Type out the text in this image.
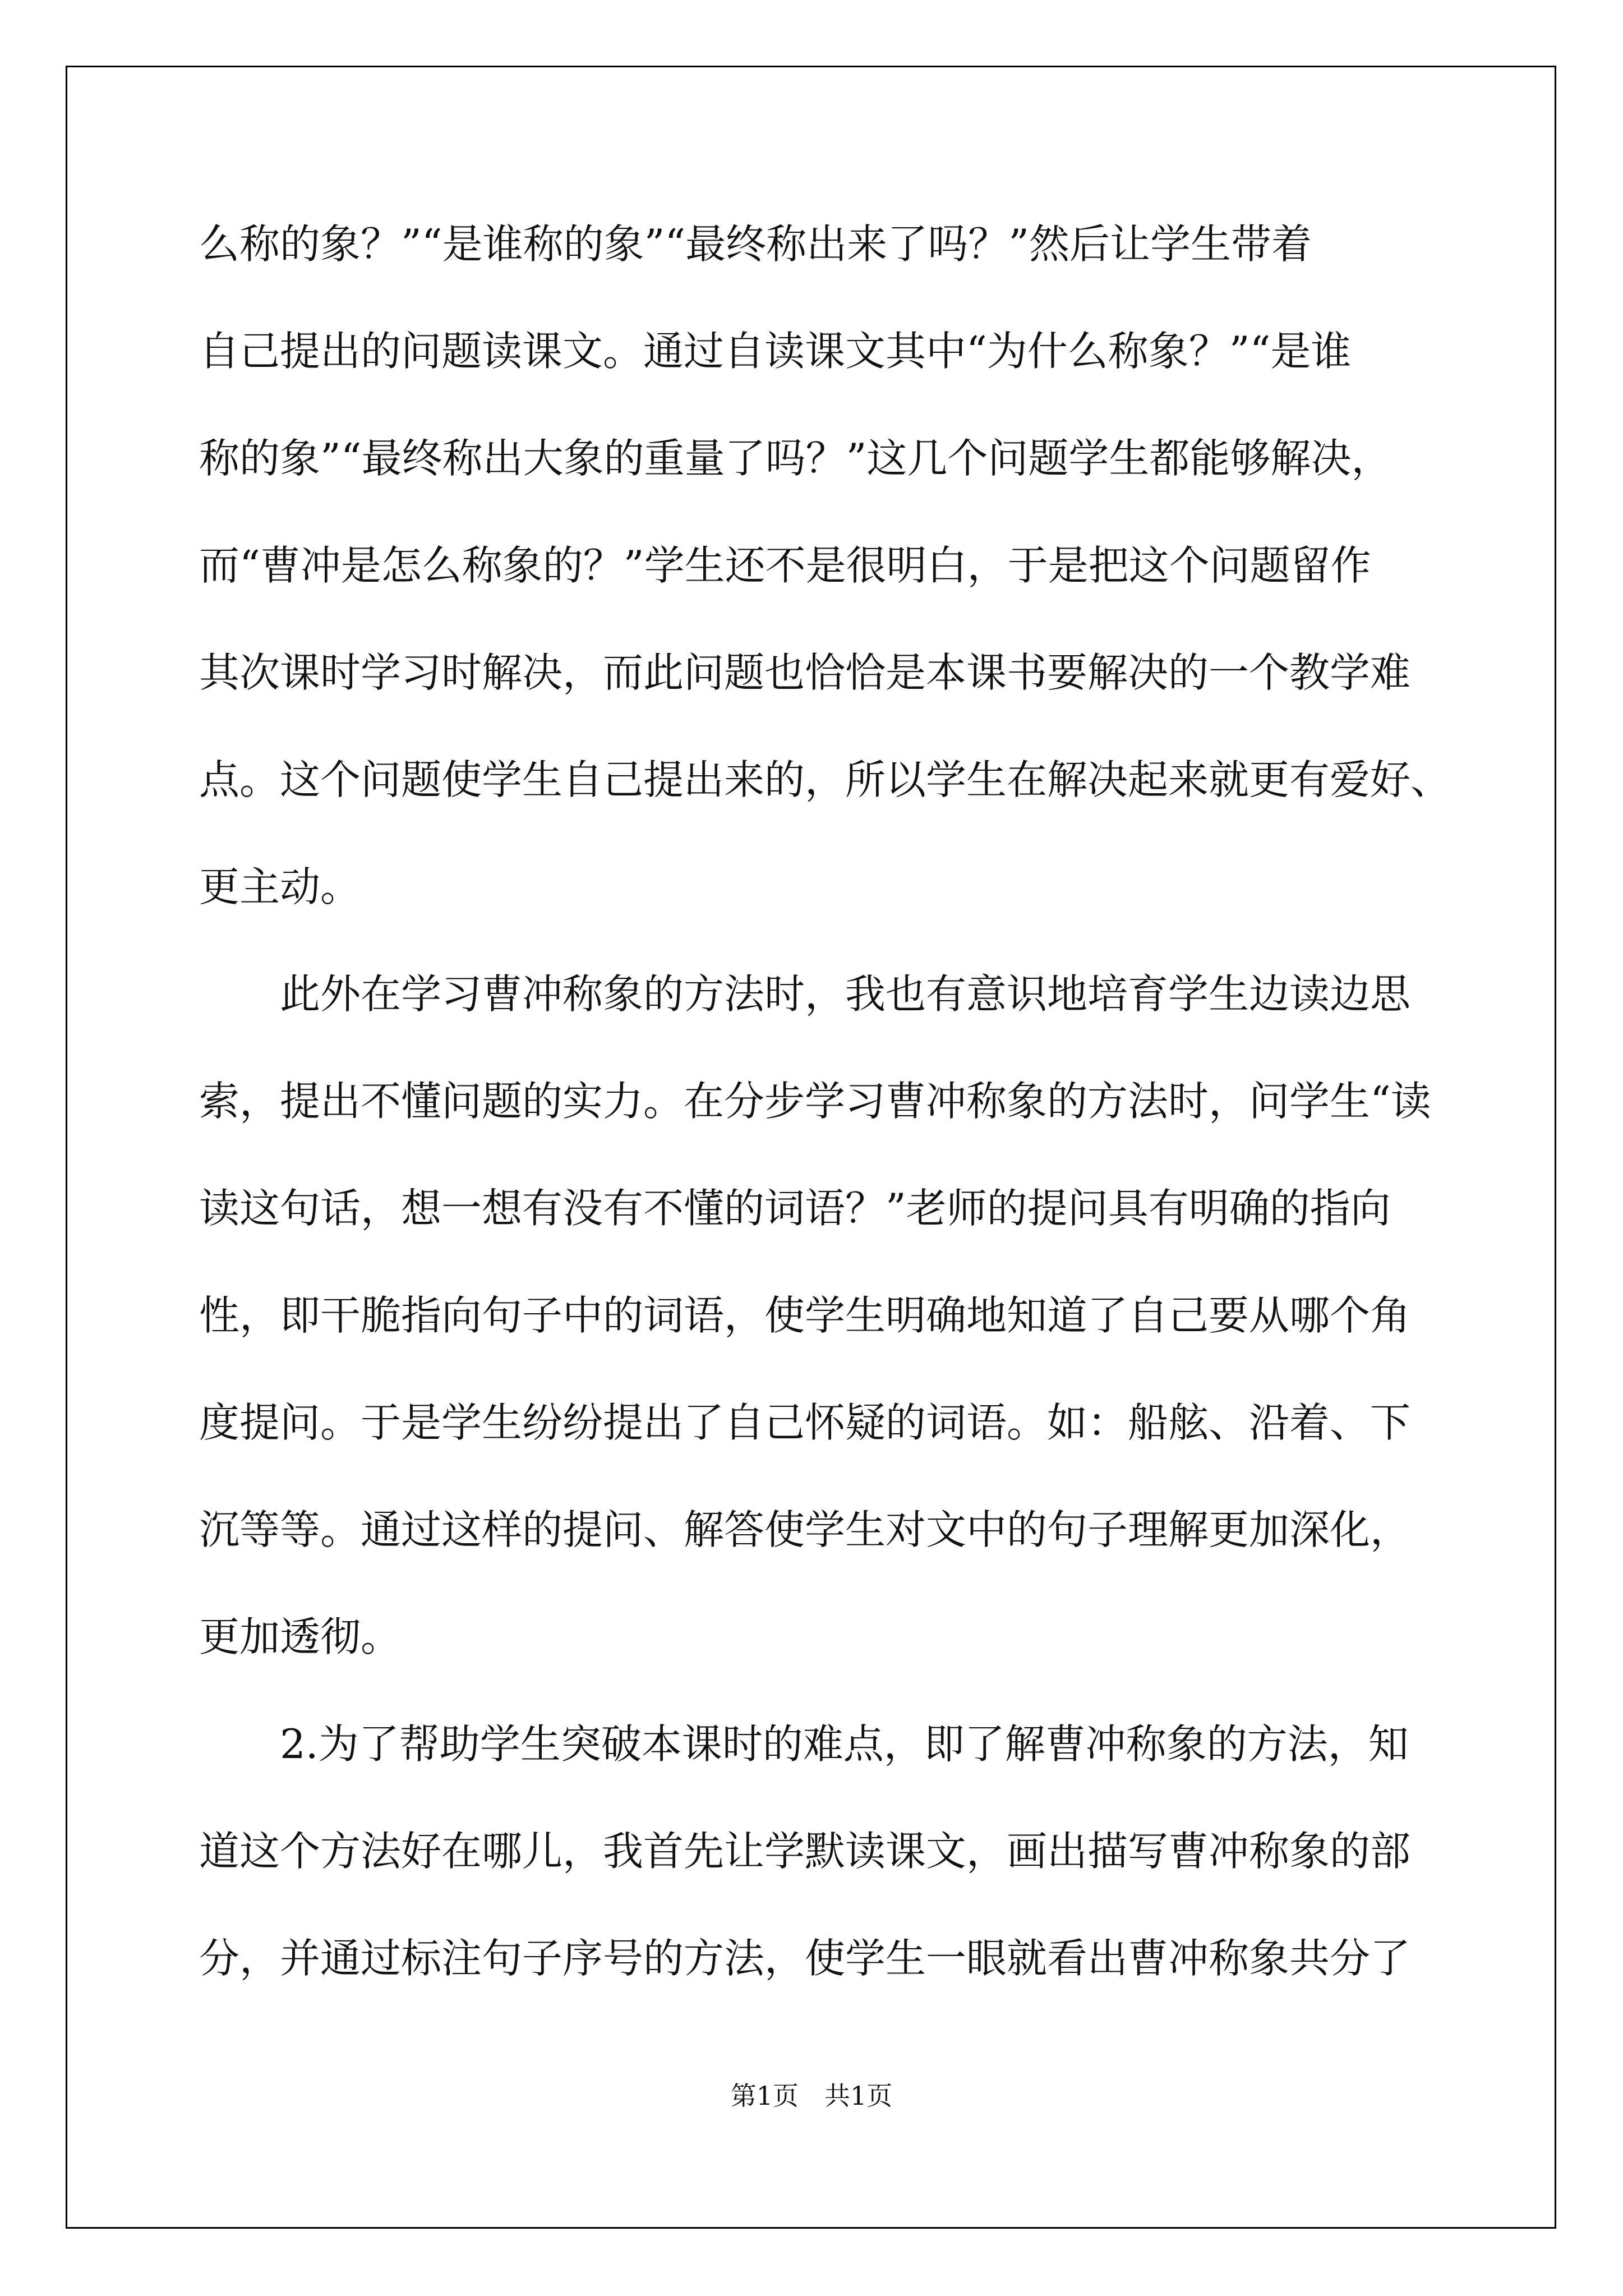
么称的象？”“是谁称的象”“最终称出来了吗？”然后让学生带着
自己提出的问题读课文。通过自读课文其中“为什么称象？”“是谁
称的象”“最终称出大象的重量了吗？”这几个问题学生都能够解决，
而“曹冲是怎么称象的？”学生还不是很明白，于是把这个问题留作
其次课时学习时解决，而此问题也恰恰是本课书要解决的一个教学难
点。这个问题使学生自己提出来的，所以学生在解决起来就更有爱好、
更主动。
　　此外在学习曹冲称象的方法时，我也有意识地培育学生边读边思
索，提出不懂问题的实力。在分步学习曹冲称象的方法时，问学生“读
读这句话，想一想有没有不懂的词语？”老师的提问具有明确的指向
性，即干脆指向句子中的词语，使学生明确地知道了自己要从哪个角
度提问。于是学生纷纷提出了自己怀疑的词语。如：船舷、沿着、下
沉等等。通过这样的提问、解答使学生对文中的句子理解更加深化，
更加透彻。
　　2.为了帮助学生突破本课时的难点，即了解曹冲称象的方法，知
道这个方法好在哪儿，我首先让学默读课文，画出描写曹冲称象的部
分，并通过标注句子序号的方法，使学生一眼就看出曹冲称象共分了
第1页　共1页
